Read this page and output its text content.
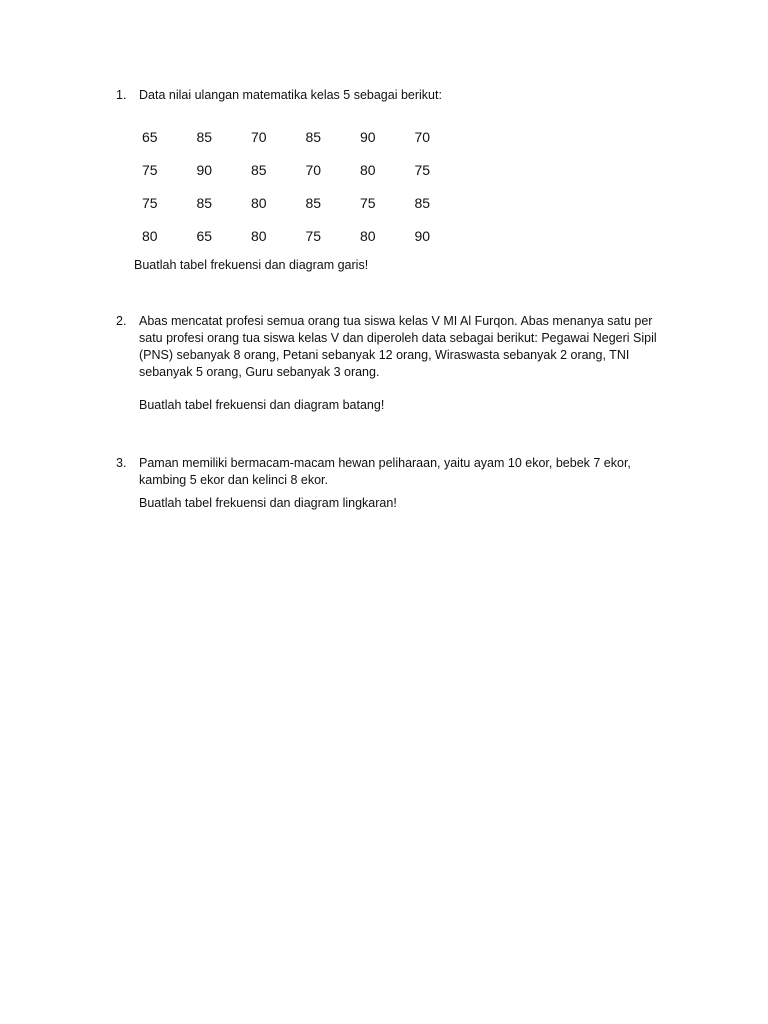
1.	Data nilai ulangan matematika kelas 5 sebagai berikut:
65	85	70	85	90	70
75	90	85	70	80	75
75	85	80	85	75	85
80	65	80	75	80	90
Buatlah tabel frekuensi dan diagram garis!
2.	Abas mencatat profesi semua orang tua siswa kelas V MI Al Furqon. Abas menanya satu per
satu profesi orang tua siswa kelas V dan diperoleh data sebagai berikut: Pegawai Negeri Sipil
(PNS) sebanyak 8 orang, Petani sebanyak 12 orang, Wiraswasta sebanyak 2 orang, TNI
sebanyak 5 orang, Guru sebanyak 3 orang.
Buatlah tabel frekuensi dan diagram batang!
3.	Paman memiliki bermacam-macam hewan peliharaan, yaitu ayam 10 ekor, bebek 7 ekor,
kambing 5 ekor dan kelinci 8 ekor.
Buatlah tabel frekuensi dan diagram lingkaran!
